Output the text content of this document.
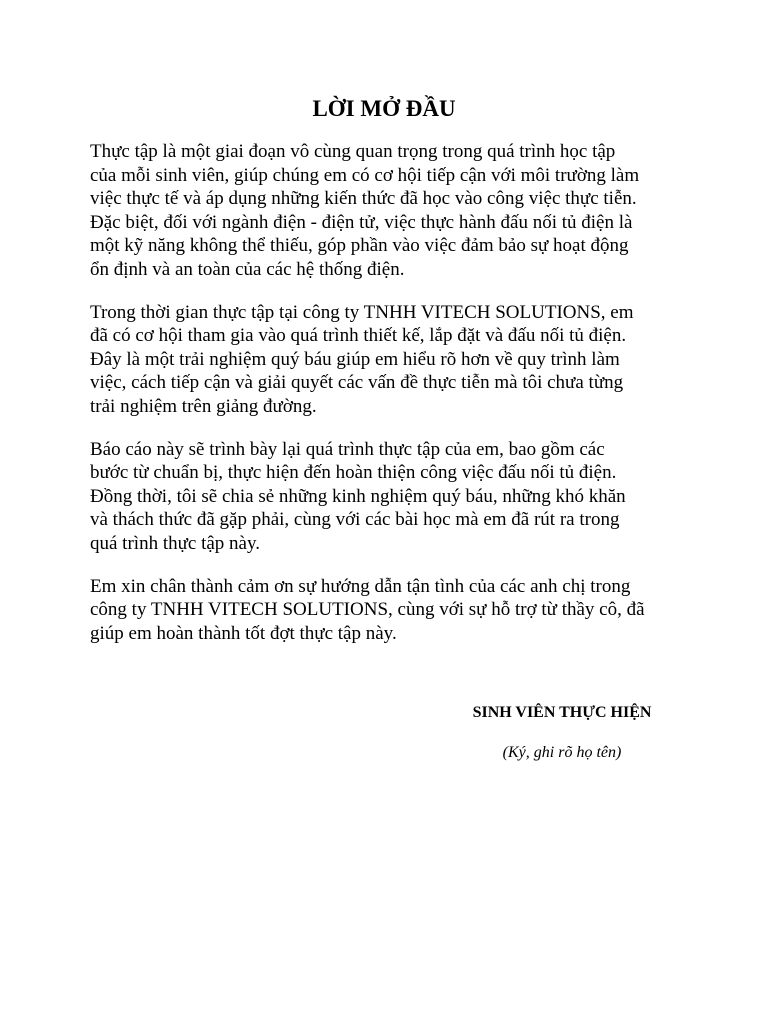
LỜI MỞ ĐẦU

Thực tập là một giai đoạn vô cùng quan trọng trong quá trình học tập
của mỗi sinh viên, giúp chúng em có cơ hội tiếp cận với môi trường làm
việc thực tế và áp dụng những kiến thức đã học vào công việc thực tiễn.
Đặc biệt, đối với ngành điện - điện tử, việc thực hành đấu nối tủ điện là
một kỹ năng không thể thiếu, góp phần vào việc đảm bảo sự hoạt động
ổn định và an toàn của các hệ thống điện.

Trong thời gian thực tập tại công ty TNHH VITECH SOLUTIONS, em
đã có cơ hội tham gia vào quá trình thiết kế, lắp đặt và đấu nối tủ điện.
Đây là một trải nghiệm quý báu giúp em hiểu rõ hơn về quy trình làm
việc, cách tiếp cận và giải quyết các vấn đề thực tiễn mà tôi chưa từng
trải nghiệm trên giảng đường.

Báo cáo này sẽ trình bày lại quá trình thực tập của em, bao gồm các
bước từ chuẩn bị, thực hiện đến hoàn thiện công việc đấu nối tủ điện.
Đồng thời, tôi sẽ chia sẻ những kinh nghiệm quý báu, những khó khăn
và thách thức đã gặp phải, cùng với các bài học mà em đã rút ra trong
quá trình thực tập này.

Em xin chân thành cảm ơn sự hướng dẫn tận tình của các anh chị trong
công ty TNHH VITECH SOLUTIONS, cùng với sự hỗ trợ từ thầy cô, đã
giúp em hoàn thành tốt đợt thực tập này.

SINH VIÊN THỰC HIỆN

(Ký, ghi rõ họ tên)
